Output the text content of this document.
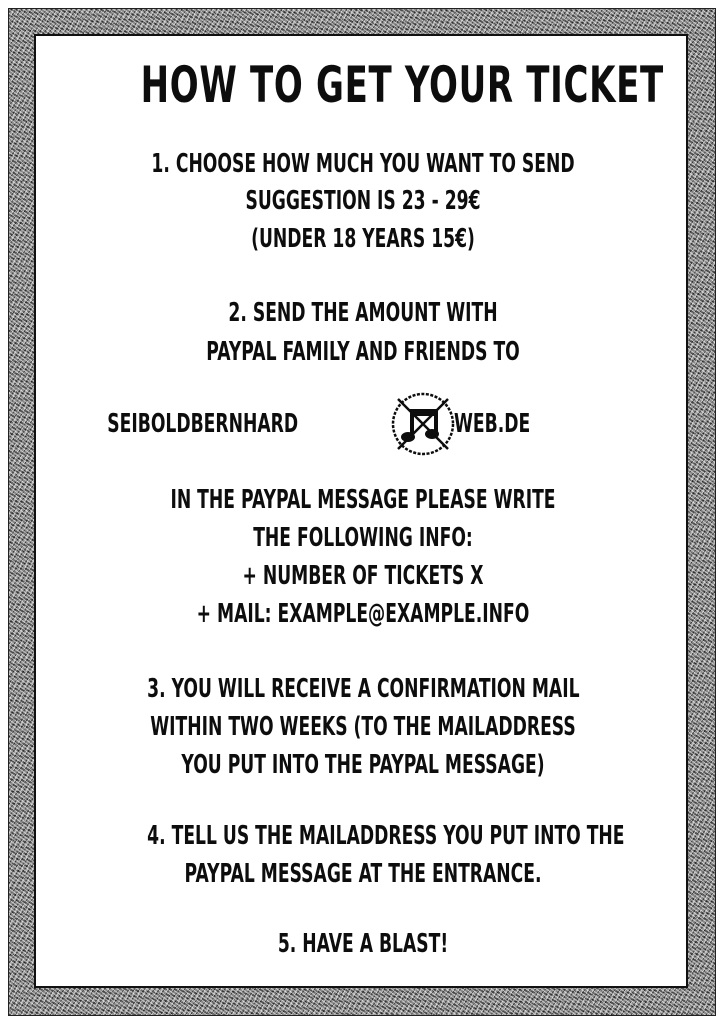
HOW TO GET YOUR TICKET
1. CHOOSE HOW MUCH YOU WANT TO SEND
SUGGESTION IS 23 - 29€
(UNDER 18 YEARS 15€)
2. SEND THE AMOUNT WITH
PAYPAL FAMILY AND FRIENDS TO
SEIBOLDBERNHARD	WEB.DE
IN THE PAYPAL MESSAGE PLEASE WRITE
THE FOLLOWING INFO:
+ NUMBER OF TICKETS X
+ MAIL: EXAMPLE@EXAMPLE.INFO
3. YOU WILL RECEIVE A CONFIRMATION MAIL
WITHIN TWO WEEKS (TO THE MAILADDRESS
YOU PUT INTO THE PAYPAL MESSAGE)
4. TELL US THE MAILADDRESS YOU PUT INTO THE
PAYPAL MESSAGE AT THE ENTRANCE.
5. HAVE A BLAST!
